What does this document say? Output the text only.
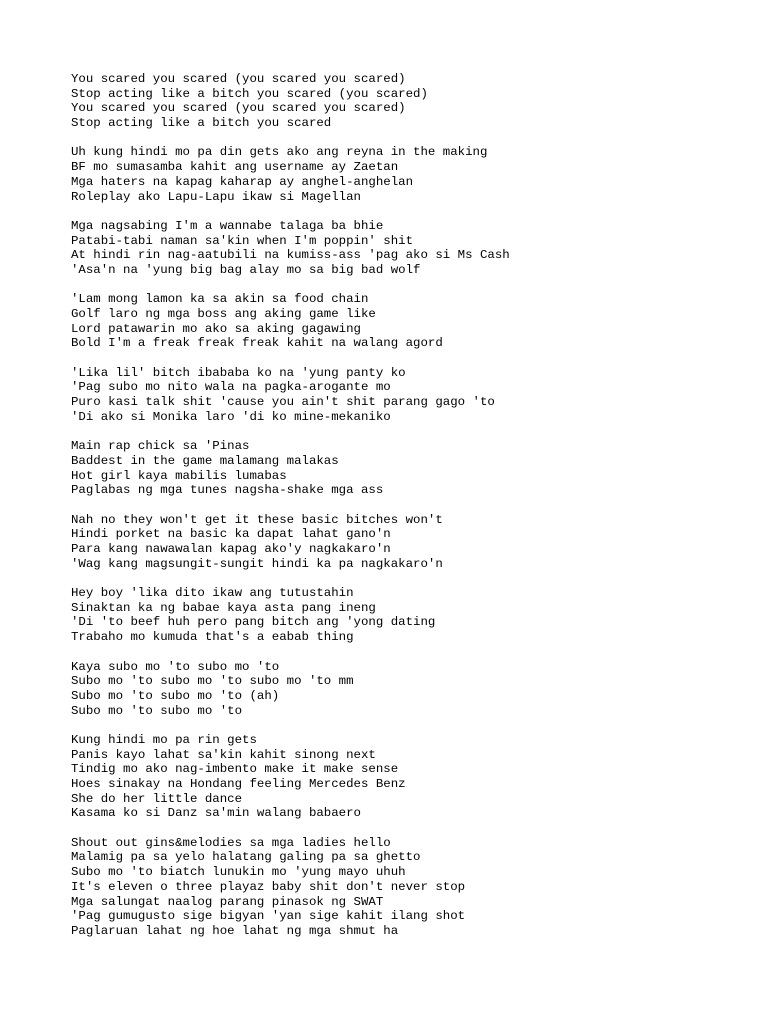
You scared you scared (you scared you scared)
Stop acting like a bitch you scared (you scared)
You scared you scared (you scared you scared)
Stop acting like a bitch you scared
Uh kung hindi mo pa din gets ako ang reyna in the making
BF mo sumasamba kahit ang username ay Zaetan
Mga haters na kapag kaharap ay anghel-anghelan
Roleplay ako Lapu-Lapu ikaw si Magellan
Mga nagsabing I'm a wannabe talaga ba bhie
Patabi-tabi naman sa'kin when I'm poppin' shit
At hindi rin nag-aatubili na kumiss-ass 'pag ako si Ms Cash
'Asa'n na 'yung big bag alay mo sa big bad wolf
'Lam mong lamon ka sa akin sa food chain
Golf laro ng mga boss ang aking game like
Lord patawarin mo ako sa aking gagawing
Bold I'm a freak freak freak kahit na walang agord
'Lika lil' bitch ibababa ko na 'yung panty ko
'Pag subo mo nito wala na pagka-arogante mo
Puro kasi talk shit 'cause you ain't shit parang gago 'to
'Di ako si Monika laro 'di ko mine-mekaniko
Main rap chick sa 'Pinas
Baddest in the game malamang malakas
Hot girl kaya mabilis lumabas
Paglabas ng mga tunes nagsha-shake mga ass
Nah no they won't get it these basic bitches won't
Hindi porket na basic ka dapat lahat gano'n
Para kang nawawalan kapag ako'y nagkakaro'n
'Wag kang magsungit-sungit hindi ka pa nagkakaro'n
Hey boy 'lika dito ikaw ang tutustahin
Sinaktan ka ng babae kaya asta pang ineng
'Di 'to beef huh pero pang bitch ang 'yong dating
Trabaho mo kumuda that's a eabab thing
Kaya subo mo 'to subo mo 'to
Subo mo 'to subo mo 'to subo mo 'to mm
Subo mo 'to subo mo 'to (ah)
Subo mo 'to subo mo 'to
Kung hindi mo pa rin gets
Panis kayo lahat sa'kin kahit sinong next
Tindig mo ako nag-imbento make it make sense
Hoes sinakay na Hondang feeling Mercedes Benz
She do her little dance
Kasama ko si Danz sa'min walang babaero
Shout out gins&melodies sa mga ladies hello
Malamig pa sa yelo halatang galing pa sa ghetto
Subo mo 'to biatch lunukin mo 'yung mayo uhuh
It's eleven o three playaz baby shit don't never stop
Mga salungat naalog parang pinasok ng SWAT
'Pag gumugusto sige bigyan 'yan sige kahit ilang shot
Paglaruan lahat ng hoe lahat ng mga shmut ha
